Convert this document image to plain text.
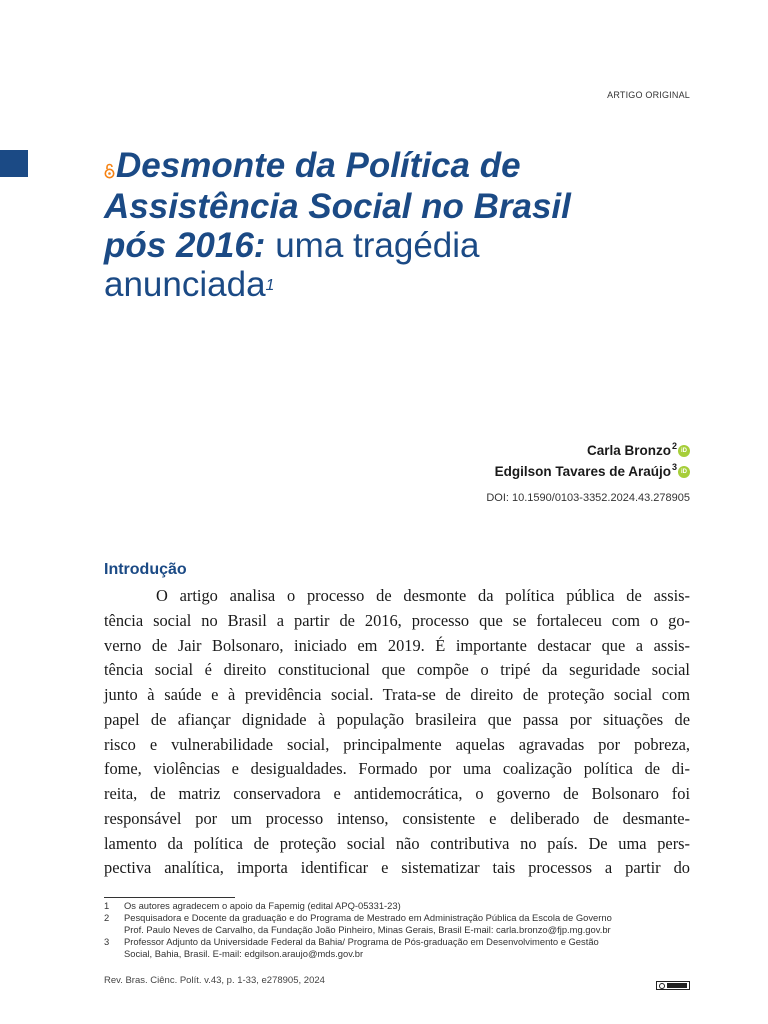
ARTIGO ORIGINAL
Desmonte da Política de
Assistência Social no Brasil
pós 2016: uma tragédia
anunciada$^1$
Carla Bronzo$^2$ iD
Edgilson Tavares de Araújo$^3$ iD
DOI: 10.1590/0103-3352.2024.43.278905
Introdução
O artigo analisa o processo de desmonte da política pública de assis-
tência social no Brasil a partir de 2016, processo que se fortaleceu com o go-
verno de Jair Bolsonaro, iniciado em 2019. É importante destacar que a assis-
tência social é direito constitucional que compõe o tripé da seguridade social
junto à saúde e à previdência social. Trata-se de direito de proteção social com
papel de afiançar dignidade à população brasileira que passa por situações de
risco e vulnerabilidade social, principalmente aquelas agravadas por pobreza,
fome, violências e desigualdades. Formado por uma coalização política de di-
reita, de matriz conservadora e antidemocrática, o governo de Bolsonaro foi
responsável por um processo intenso, consistente e deliberado de desmante-
lamento da política de proteção social não contributiva no país. De uma pers-
pectiva analítica, importa identificar e sistematizar tais processos a partir do
1	Os autores agradecem o apoio da Fapemig (edital APQ-05331-23)
2	Pesquisadora e Docente da graduação e do Programa de Mestrado em Administração Pública da Escola de Governo
Prof. Paulo Neves de Carvalho, da Fundação João Pinheiro, Minas Gerais, Brasil E-mail: carla.bronzo@fjp.mg.gov.br
3	Professor Adjunto da Universidade Federal da Bahia/ Programa de Pós-graduação em Desenvolvimento e Gestão
Social, Bahia, Brasil. E-mail: edgilson.araujo@mds.gov.br
Rev. Bras. Ciênc. Polít. v.43, p. 1-33, e278905, 2024
